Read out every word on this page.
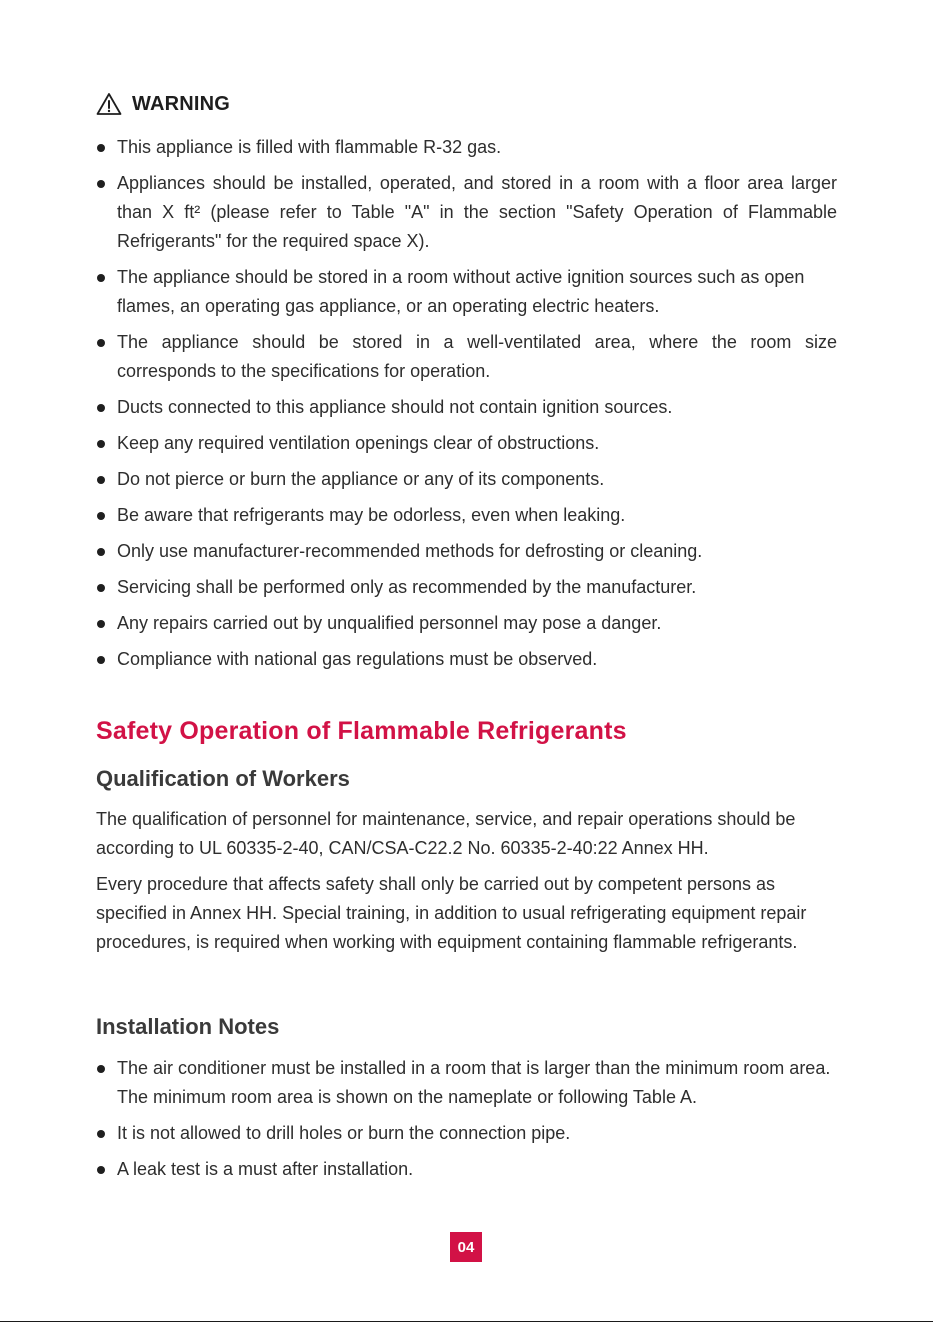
WARNING
This appliance is filled with flammable R-32 gas.
Appliances should be installed, operated, and stored in a room with a floor area larger than X ft² (please refer to Table "A" in the section "Safety Operation of Flammable Refrigerants" for the required space X).
The appliance should be stored in a room without active ignition sources such as open flames, an operating gas appliance, or an operating electric heaters.
The appliance should be stored in a well-ventilated area, where the room size corresponds to the specifications for operation.
Ducts connected to this appliance should not contain ignition sources.
Keep any required ventilation openings clear of obstructions.
Do not pierce or burn the appliance or any of its components.
Be aware that refrigerants may be odorless, even when leaking.
Only use manufacturer-recommended methods for defrosting or cleaning.
Servicing shall be performed only as recommended by the manufacturer.
Any repairs carried out by unqualified personnel may pose a danger.
Compliance with national gas regulations must be observed.
Safety Operation of Flammable Refrigerants
Qualification of Workers

The qualification of personnel for maintenance, service, and repair operations should be according to UL 60335-2-40, CAN/CSA-C22.2 No. 60335-2-40:22 Annex HH.

Every procedure that affects safety shall only be carried out by competent persons as specified in Annex HH. Special training, in addition to usual refrigerating equipment repair procedures, is required when working with equipment containing flammable refrigerants.

Installation Notes
The air conditioner must be installed in a room that is larger than the minimum room area. The minimum room area is shown on the nameplate or following Table A.
It is not allowed to drill holes or burn the connection pipe.
A leak test is a must after installation.
04
